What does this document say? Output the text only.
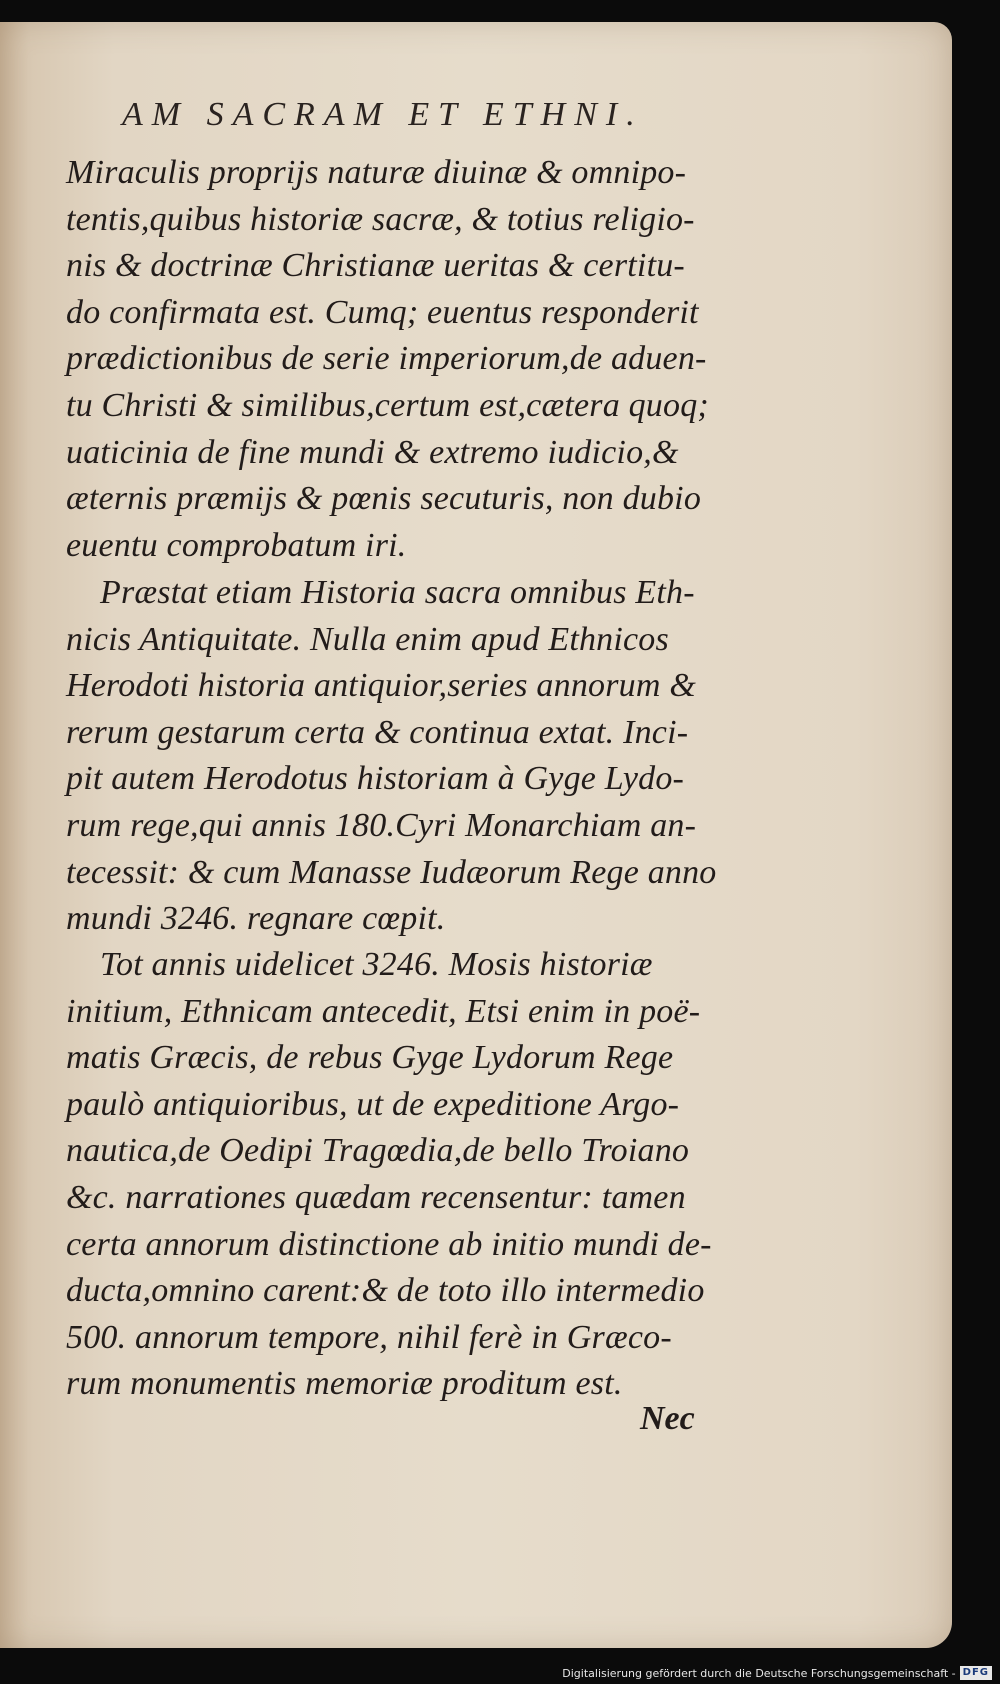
AM SACRAM ET ETHNI.
Miraculis proprijs naturæ diuinæ & omnipo-
tentis,quibus historiæ sacræ, & totius religio-
nis & doctrinæ Christianæ ueritas & certitu-
do confirmata est. Cumq; euentus responderit
prædictionibus de serie imperiorum,de aduen-
tu Christi & similibus,certum est,cætera quoq;
uaticinia de fine mundi & extremo iudicio,&
æternis præmijs & pœnis secuturis, non dubio
euentu comprobatum iri.
Præstat etiam Historia sacra omnibus Eth-
nicis Antiquitate. Nulla enim apud Ethnicos
Herodoti historia antiquior,series annorum &
rerum gestarum certa & continua extat. Inci-
pit autem Herodotus historiam à Gyge Lydo-
rum rege,qui annis 180.Cyri Monarchiam an-
tecessit: & cum Manasse Iudæorum Rege anno
mundi 3246. regnare cœpit.
Tot annis uidelicet 3246. Mosis historiæ
initium, Ethnicam antecedit, Etsi enim in poë-
matis Græcis, de rebus Gyge Lydorum Rege
paulò antiquioribus, ut de expeditione Argo-
nautica,de Oedipi Tragœdia,de bello Troiano
&c. narrationes quædam recensentur: tamen
certa annorum distinctione ab initio mundi de-
ducta,omnino carent:& de toto illo intermedio
500. annorum tempore, nihil ferè in Græco-
rum monumentis memoriæ proditum est.
Nec
Digitalisierung gefördert durch die Deutsche Forschungsgemeinschaft - DFG
